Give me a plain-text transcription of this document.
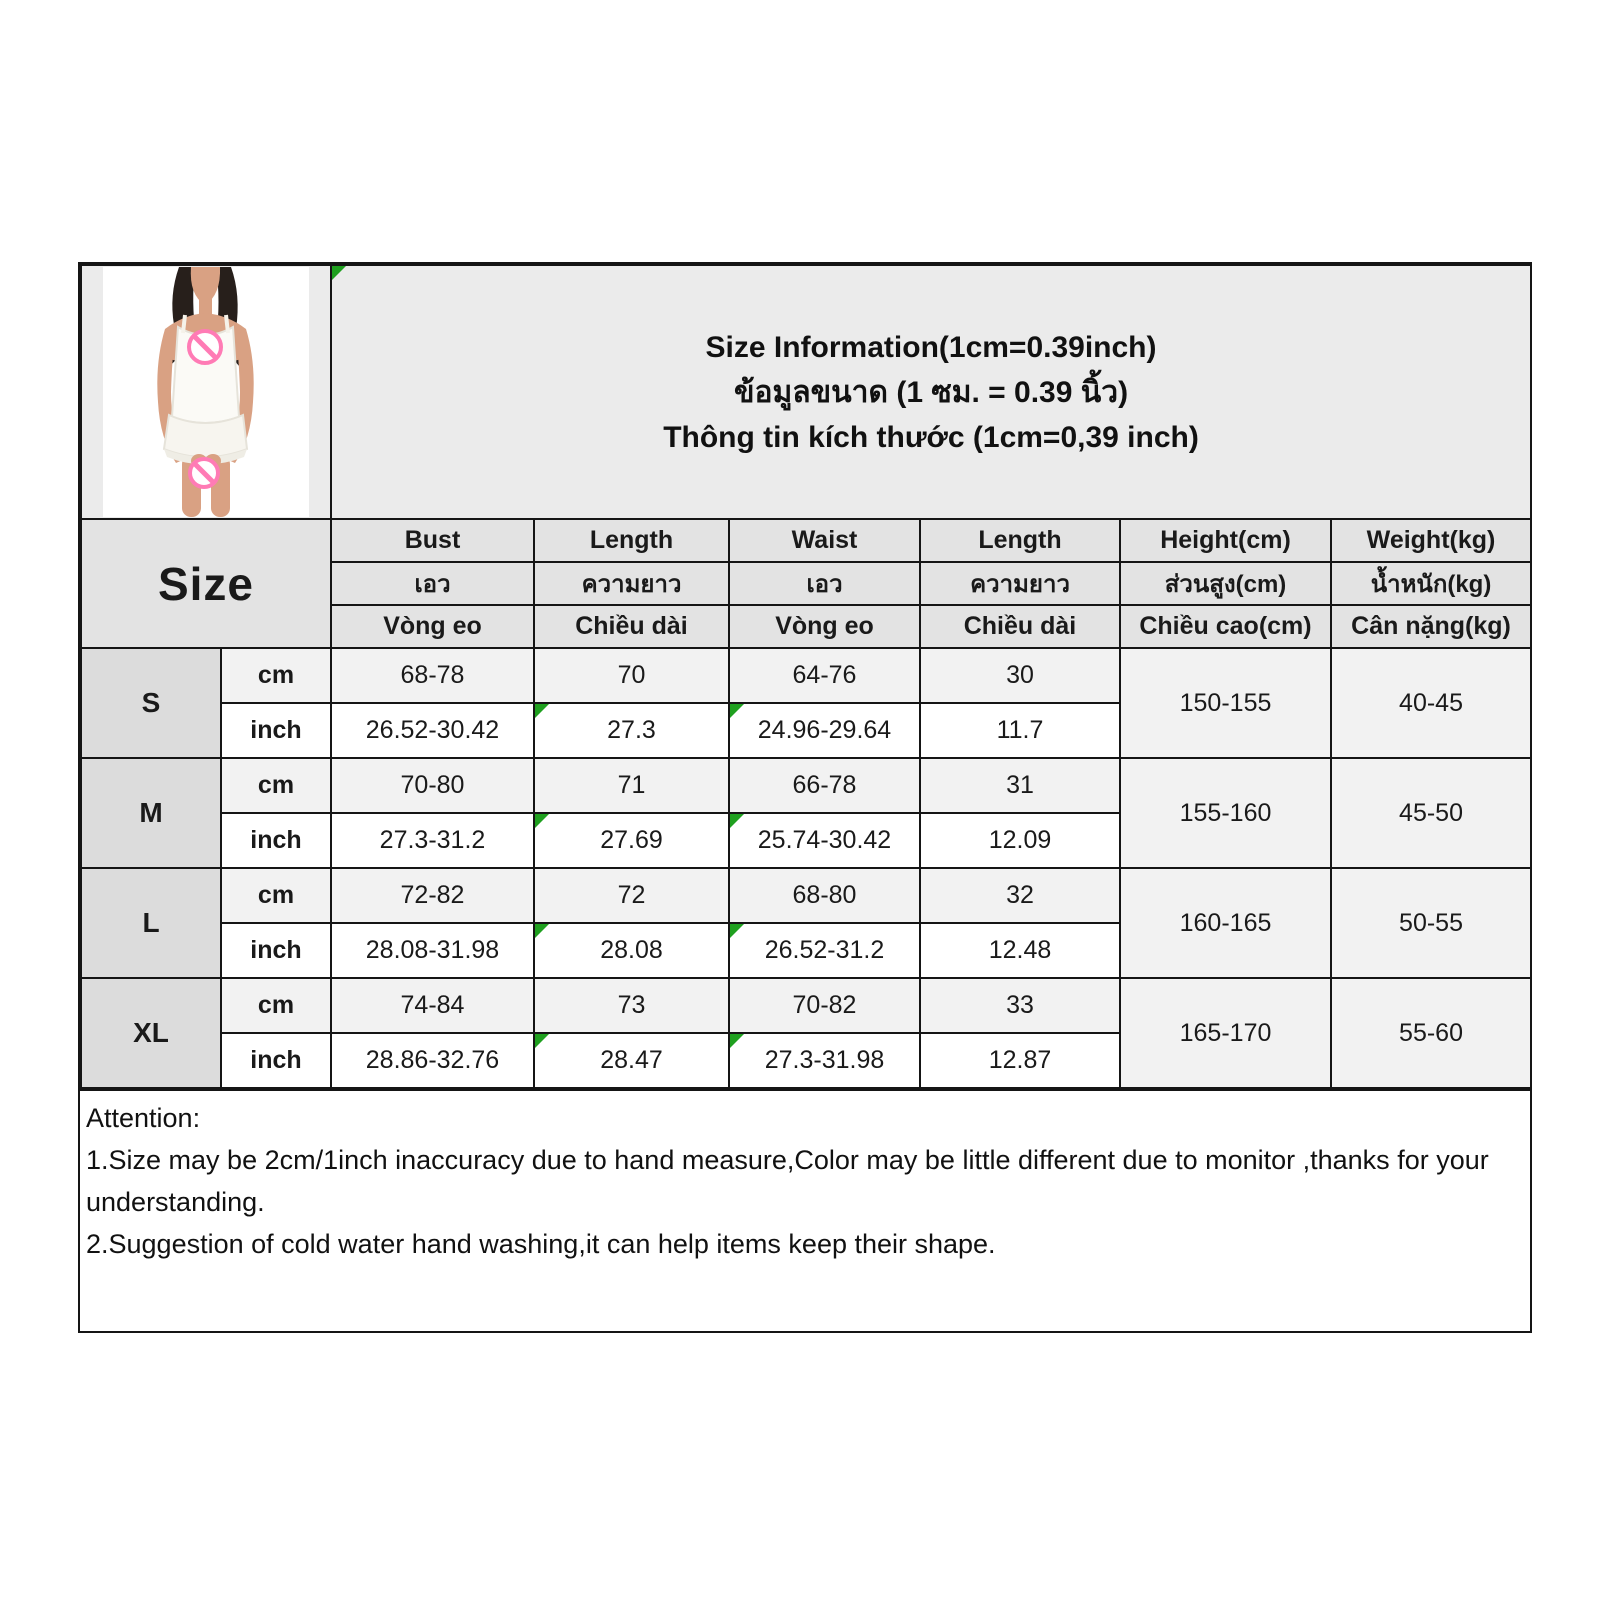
Size Information(1cm=0.39inch)
ข้อมูลขนาด (1 ซม. = 0.39 นิ้ว)
Thông tin kích thước (1cm=0,39 inch)					

Size		Bust	Length	Waist	Length	Height(cm)	Weight(kg)
		เอว	ความยาว	เอว	ความยาว	ส่วนสูง(cm)	น้ำหนัก(kg)
		Vòng eo	Chiều dài	Vòng eo	Chiều dài	Chiều cao(cm)	Cân nặng(kg)
S	cm	68-78	70	64-76	30	150-155	40-45
	inch	26.52-30.42	27.3	24.96-29.64	11.7		
M	cm	70-80	71	66-78	31	155-160	45-50
	inch	27.3-31.2	27.69	25.74-30.42	12.09		
L	cm	72-82	72	68-80	32	160-165	50-55
	inch	28.08-31.98	28.08	26.52-31.2	12.48		
XL	cm	74-84	73	70-82	33	165-170	55-60
	inch	28.86-32.76	28.47	27.3-31.98	12.87		

Attention:

1.Size may be 2cm/1inch inaccuracy due to hand measure,Color may be little different due to monitor ,thanks for your understanding.

2.Suggestion of cold water hand washing,it can help items keep their shape.
